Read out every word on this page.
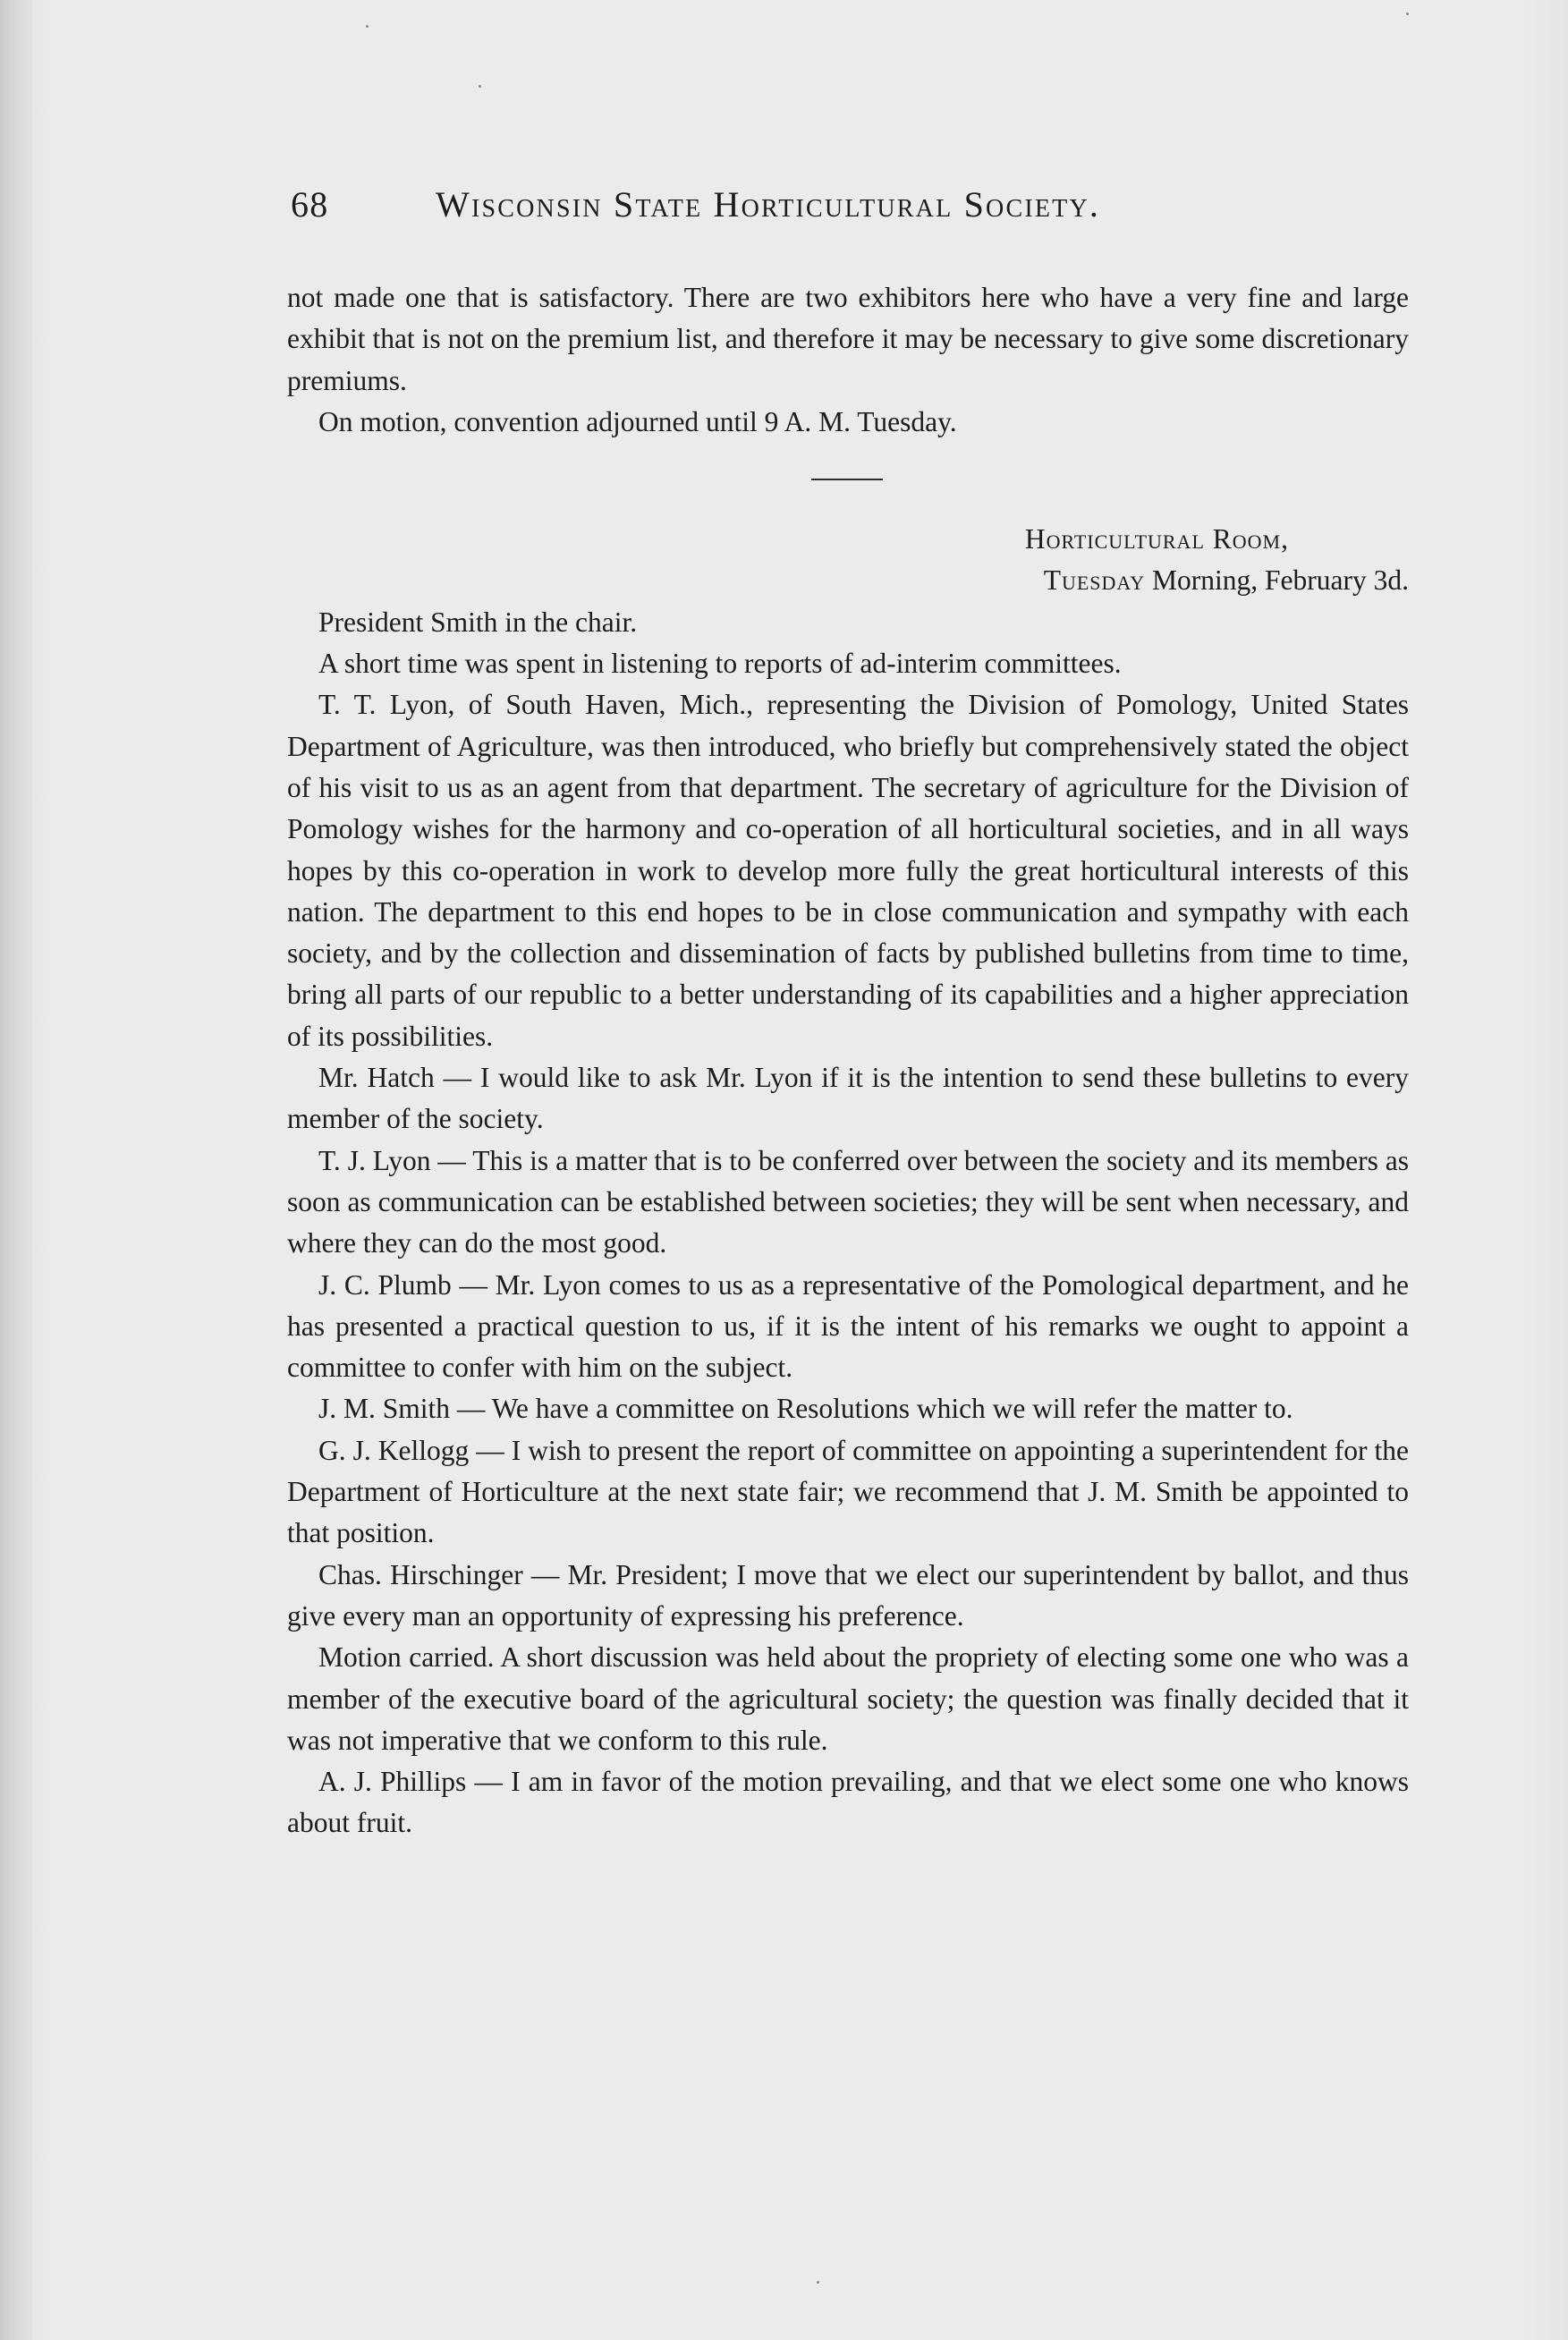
68	Wisconsin State Horticultural Society.

not made one that is satisfactory. There are two exhibitors here who have a very fine and large exhibit that is not on the premium list, and therefore it may be necessary to give some discretionary premiums.

On motion, convention adjourned until 9 A. M. Tuesday.

Horticultural Room,

Tuesday Morning, February 3d.

President Smith in the chair.

A short time was spent in listening to reports of ad-interim committees.

T. T. Lyon, of South Haven, Mich., representing the Division of Pomology, United States Department of Agriculture, was then introduced, who briefly but comprehensively stated the object of his visit to us as an agent from that department. The secretary of agriculture for the Division of Pomology wishes for the harmony and co-operation of all horticultural societies, and in all ways hopes by this co-operation in work to develop more fully the great horticultural interests of this nation. The department to this end hopes to be in close communication and sympathy with each society, and by the collection and dissemination of facts by published bulletins from time to time, bring all parts of our republic to a better understanding of its capabilities and a higher appreciation of its possibilities.

Mr. Hatch — I would like to ask Mr. Lyon if it is the intention to send these bulletins to every member of the society.

T. J. Lyon — This is a matter that is to be conferred over between the society and its members as soon as communication can be established between societies; they will be sent when necessary, and where they can do the most good.

J. C. Plumb — Mr. Lyon comes to us as a representative of the Pomological department, and he has presented a practical question to us, if it is the intent of his remarks we ought to appoint a committee to confer with him on the subject.

J. M. Smith — We have a committee on Resolutions which we will refer the matter to.

G. J. Kellogg — I wish to present the report of committee on appointing a superintendent for the Department of Horticulture at the next state fair; we recommend that J. M. Smith be appointed to that position.

Chas. Hirschinger — Mr. President; I move that we elect our superintendent by ballot, and thus give every man an opportunity of expressing his preference.

Motion carried. A short discussion was held about the propriety of electing some one who was a member of the executive board of the agricultural society; the question was finally decided that it was not imperative that we conform to this rule.

A. J. Phillips — I am in favor of the motion prevailing, and that we elect some one who knows about fruit.
